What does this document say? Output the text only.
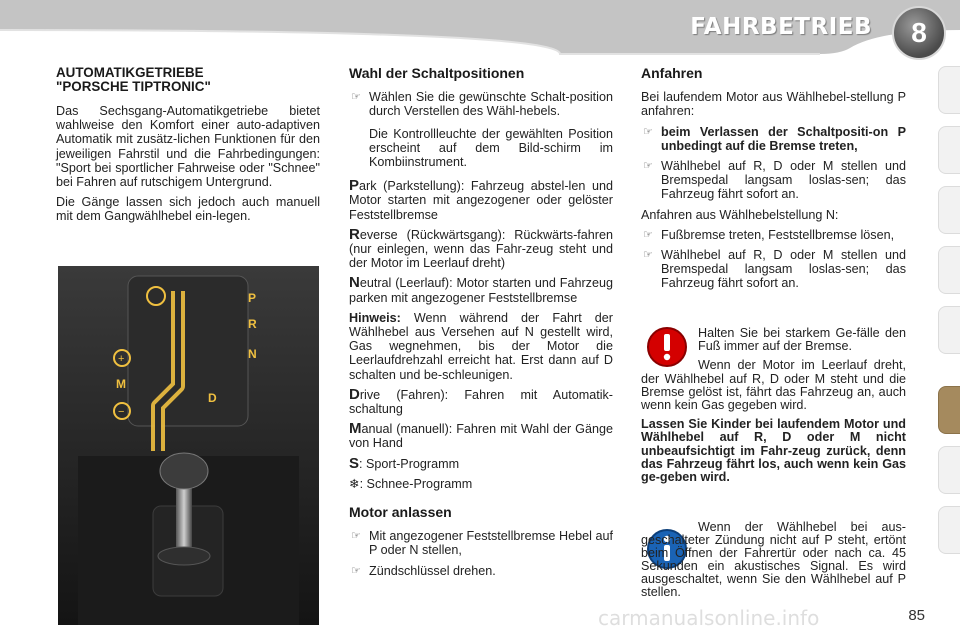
FAHRBETRIEB	8
AUTOMATIKGETRIEBE
"PORSCHE TIPTRONIC"

Das Sechsgang-Automatikgetriebe bietet wahlweise den Komfort einer auto-adaptiven Automatik mit zusätz-lichen Funktionen für den jeweiligen Fahrstil und die Fahrbedingungen: "Sport bei sportlicher Fahrweise oder "Schnee" bei Fahren auf rutschigem Untergrund.

Die Gänge lassen sich jedoch auch manuell mit dem Gangwählhebel ein-legen.

P
R
N
M
D
+
−
Wahl der Schaltpositionen
☞ Wählen Sie die gewünschte Schalt-position durch Verstellen des Wähl-hebels.
Die Kontrollleuchte der gewählten Position erscheint auf dem Bild-schirm im Kombiinstrument.

Park (Parkstellung): Fahrzeug abstel-len und Motor starten mit angezogener oder gelöster Feststellbremse

Reverse (Rückwärtsgang): Rückwärts-fahren (nur einlegen, wenn das Fahr-zeug steht und der Motor im Leerlauf dreht)

Neutral (Leerlauf): Motor starten und Fahrzeug parken mit angezogener Feststellbremse

Hinweis: Wenn während der Fahrt der Wählhebel aus Versehen auf N gestellt wird, Gas wegnehmen, bis der Motor die Leerlaufdrehzahl erreicht hat. Erst dann auf D schalten und be-schleunigen.

Drive (Fahren): Fahren mit Automatik-schaltung

Manual (manuell): Fahren mit Wahl der Gänge von Hand

S: Sport-Programm

❄: Schnee-Programm

Motor anlassen
☞ Mit angezogener Feststellbremse Hebel auf P oder N stellen,
☞ Zündschlüssel drehen.
Anfahren

Bei laufendem Motor aus Wählhebel-stellung P anfahren:

☞ beim Verlassen der Schaltpositi-on P unbedingt auf die Bremse treten,
☞ Wählhebel auf R, D oder M stellen und Bremspedal langsam loslas-sen; das Fahrzeug fährt sofort an.

Anfahren aus Wählhebelstellung N:

☞ Fußbremse treten, Feststellbremse lösen,
☞ Wählhebel auf R, D oder M stellen und Bremspedal langsam loslas-sen; das Fahrzeug fährt sofort an.

Halten Sie bei starkem Ge-fälle den Fuß immer auf der Bremse.

Wenn der Motor im Leerlauf dreht, der Wählhebel auf R, D oder M steht und die Bremse gelöst ist, fährt das Fahrzeug an, auch wenn kein Gas gegeben wird.

Lassen Sie Kinder bei laufendem Motor und Wählhebel auf R, D oder M nicht unbeaufsichtigt im Fahr-zeug zurück, denn das Fahrzeug fährt los, auch wenn kein Gas ge-geben wird.

Wenn der Wählhebel bei aus-geschalteter Zündung nicht auf P steht, ertönt beim Öffnen der Fahrertür oder nach ca. 45 Sekunden ein akustisches Signal. Es wird ausgeschaltet, wenn Sie den Wählhebel auf P stellen.

carmanualsonline.info	85
